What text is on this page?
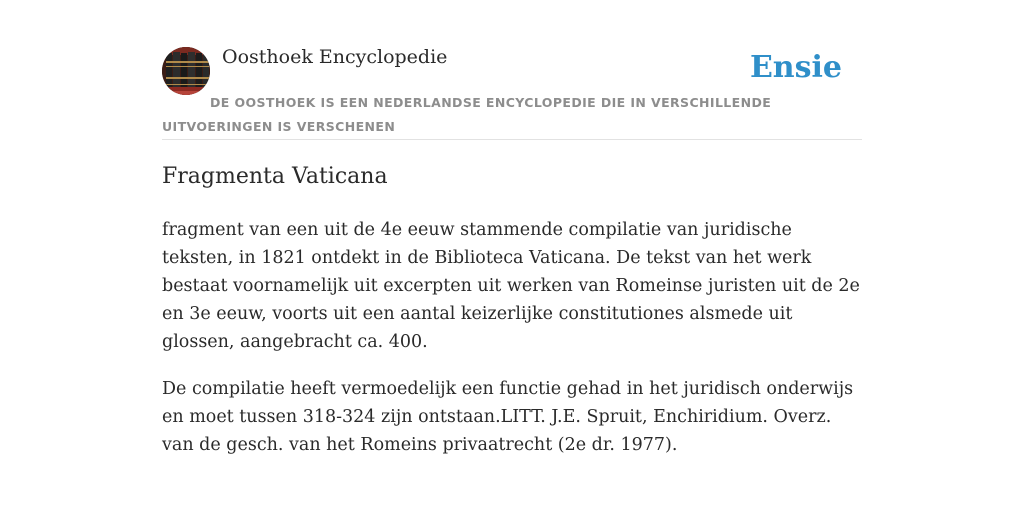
Oosthoek Encyclopedie	Ensie
DE OOSTHOEK IS EEN NEDERLANDSE ENCYCLOPEDIE DIE IN VERSCHILLENDE UITVOERINGEN IS VERSCHENEN
Fragmenta Vaticana

fragment van een uit de 4e eeuw stammende compilatie van juridische teksten, in 1821 ontdekt in de Biblioteca Vaticana. De tekst van het werk bestaat voornamelijk uit excerpten uit werken van Romeinse juristen uit de 2e en 3e eeuw, voorts uit een aantal keizerlijke constitutiones alsmede uit glossen, aangebracht ca. 400.

De compilatie heeft vermoedelijk een functie gehad in het juridisch onderwijs en moet tussen 318-324 zijn ontstaan.LITT. J.E. Spruit, Enchiridium. Overz. van de gesch. van het Romeins privaatrecht (2e dr. 1977).
